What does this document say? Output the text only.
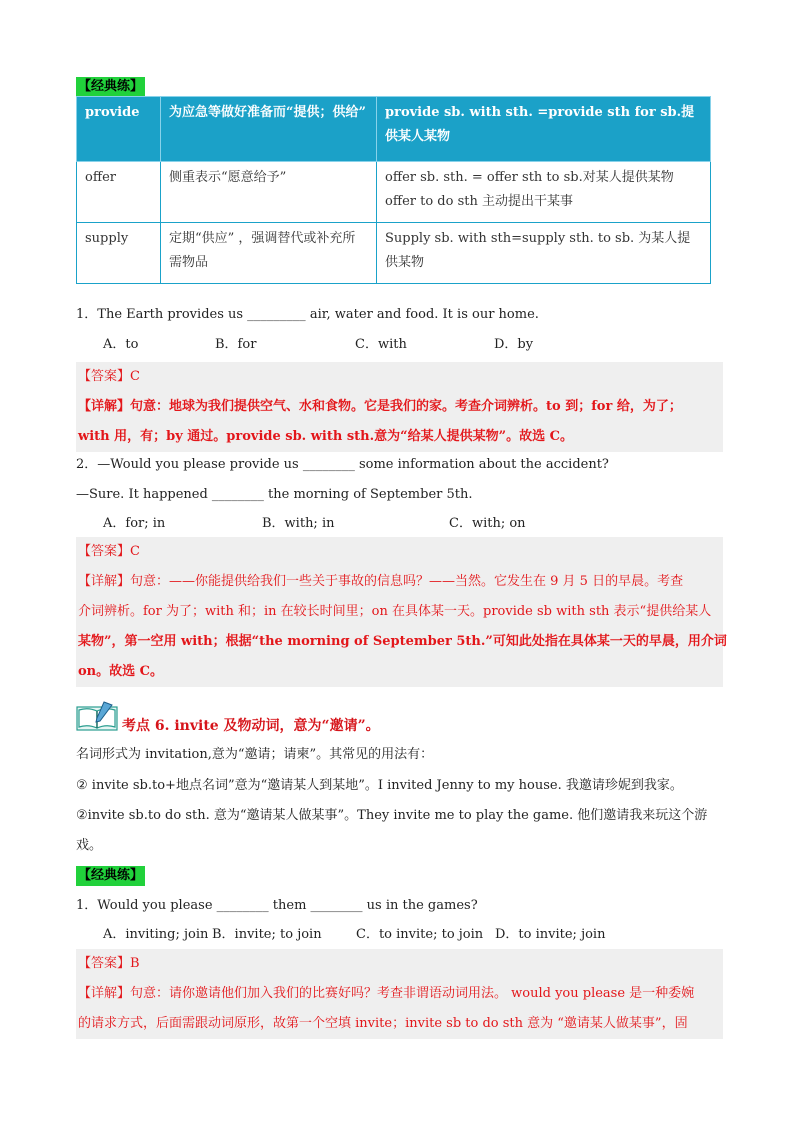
【经典练】
provide	为应急等做好准备而“提供；供给”	provide sb. with sth. =provide sth for sb.提供某人某物
offer	侧重表示“愿意给予”	offer sb. sth. = offer sth to sb.对某人提供某物 offer to do sth 主动提出干某事
supply	定期“供应” ，强调替代或补充所需物品	Supply sb. with sth=supply sth. to sb. 为某人提供某物
1．The Earth provides us _________ air, water and food. It is our home.
A．to	B．for	C．with	D．by
【答案】C
【详解】句意：地球为我们提供空气、水和食物。它是我们的家。考查介词辨析。to 到；for 给，为了；
with 用，有；by 通过。provide sb. with sth.意为“给某人提供某物”。故选 C。
2．—Would you please provide us ________ some information about the accident?
—Sure. It happened ________ the morning of September 5th.
A．for; in	B．with; in	C．with; on
【答案】C
【详解】句意：——你能提供给我们一些关于事故的信息吗？——当然。它发生在 9 月 5 日的早晨。考查
介词辨析。for 为了；with 和；in 在较长时间里；on 在具体某一天。provide sb with sth 表示“提供给某人
某物”，第一空用 with；根据“the morning of September 5th.”可知此处指在具体某一天的早晨，用介词
on。故选 C。
考点 6. invite 及物动词，意为“邀请”。
名词形式为 invitation,意为“邀请；请柬”。其常见的用法有：
② invite sb.to+地点名词”意为“邀请某人到某地”。I invited Jenny to my house. 我邀请珍妮到我家。
②invite sb.to do sth. 意为“邀请某人做某事”。They invite me to play the game. 他们邀请我来玩这个游
戏。
【经典练】
1．Would you please ________ them ________ us in the games?
A．inviting; join B．invite; to join	C．to invite; to join D．to invite; join
【答案】B
【详解】句意：请你邀请他们加入我们的比赛好吗？考查非谓语动词用法。 would you please 是一种委婉
的请求方式，后面需跟动词原形，故第一个空填 invite；invite sb to do sth 意为 “邀请某人做某事”，固
